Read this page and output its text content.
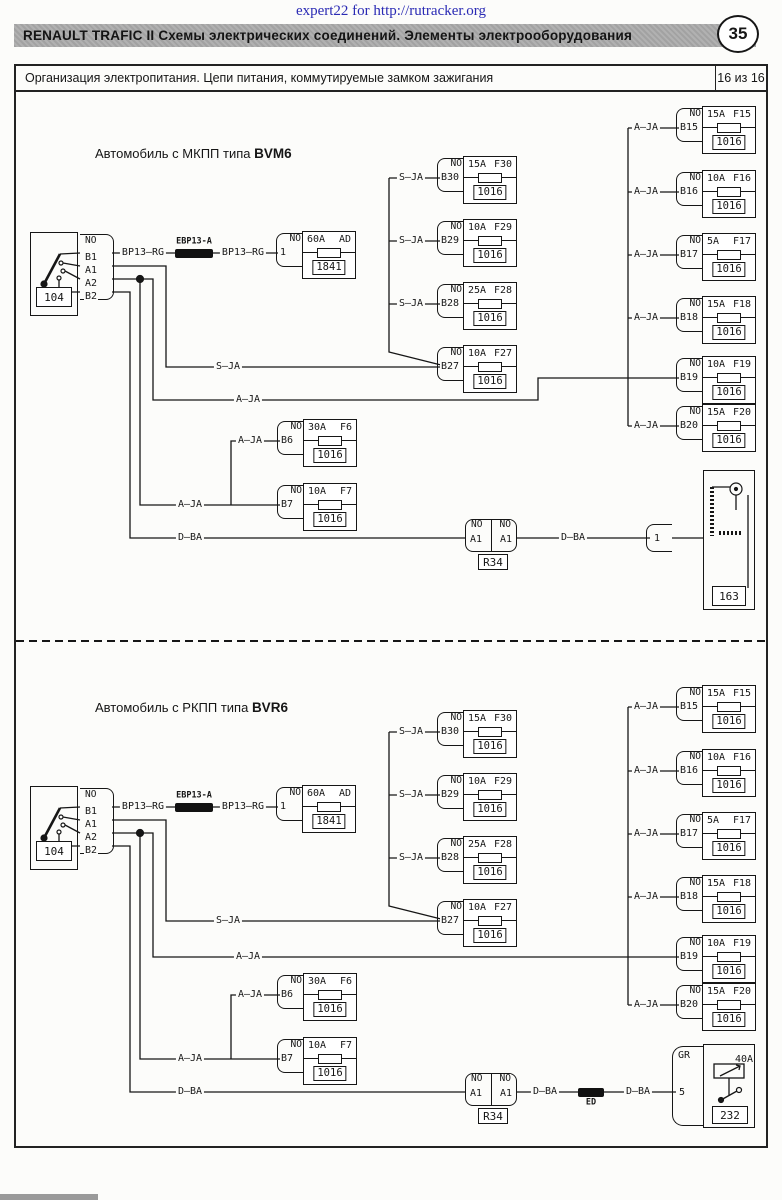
expert22 for http://rutracker.org
RENAULT TRAFIC II Схемы электрических соединений. Элементы электрооборудования	35
Организация электропитания. Цепи питания, коммутируемые замком зажигания	16 из 16
Автомобиль с МКПП типа BVM6
104
NO
B1
A1
A2
B2
EBP13-A
BP13—RG	BP13—RG
NO
1
60A AD
1841
S—JA
A—JA
A—JA
A—JA
D—BA
S—JA
S—JA
S—JA
NO
B30
15A F30
1016
NO
B29
10A F29
1016
NO
B28
25A F28
1016
NO
B27
10A F27
1016
A—JA
A—JA
A—JA
A—JA
A—JA
NO
B15
15A F15
1016
NO
B16
10A F16
1016
NO
B17
5A F17
1016
NO
B18
15A F18
1016
NO
B19
10A F19
1016
NO
B20
15A F20
1016
NO
B6
30A F6
1016
NO
B7
10A F7
1016	NO NO
A1 A1
R34
D—BA	1
163
Автомобиль с РКПП типа BVR6
104
NO
B1
A1
A2
B2
EBP13-A
BP13—RG	BP13—RG
NO
1
60A AD
1841
S—JA
A—JA
A—JA
A—JA
D—BA
S—JA
S—JA
S—JA
NO
B30
15A F30
1016
NO
B29
10A F29
1016
NO
B28
25A F28
1016
NO
B27
10A F27
1016
A—JA
A—JA
A—JA
A—JA
A—JA
NO
B15
15A F15
1016
NO
B16
10A F16
1016
NO
B17
5A F17
1016
NO
B18
15A F18
1016
NO
B19
10A F19
1016
NO
B20
15A F20
1016
NO
B6
30A F6
1016
NO
B7
10A F7
1016	NO NO
A1 A1
R34
D—BA
ED
D—BA
GR
5
40A
232
